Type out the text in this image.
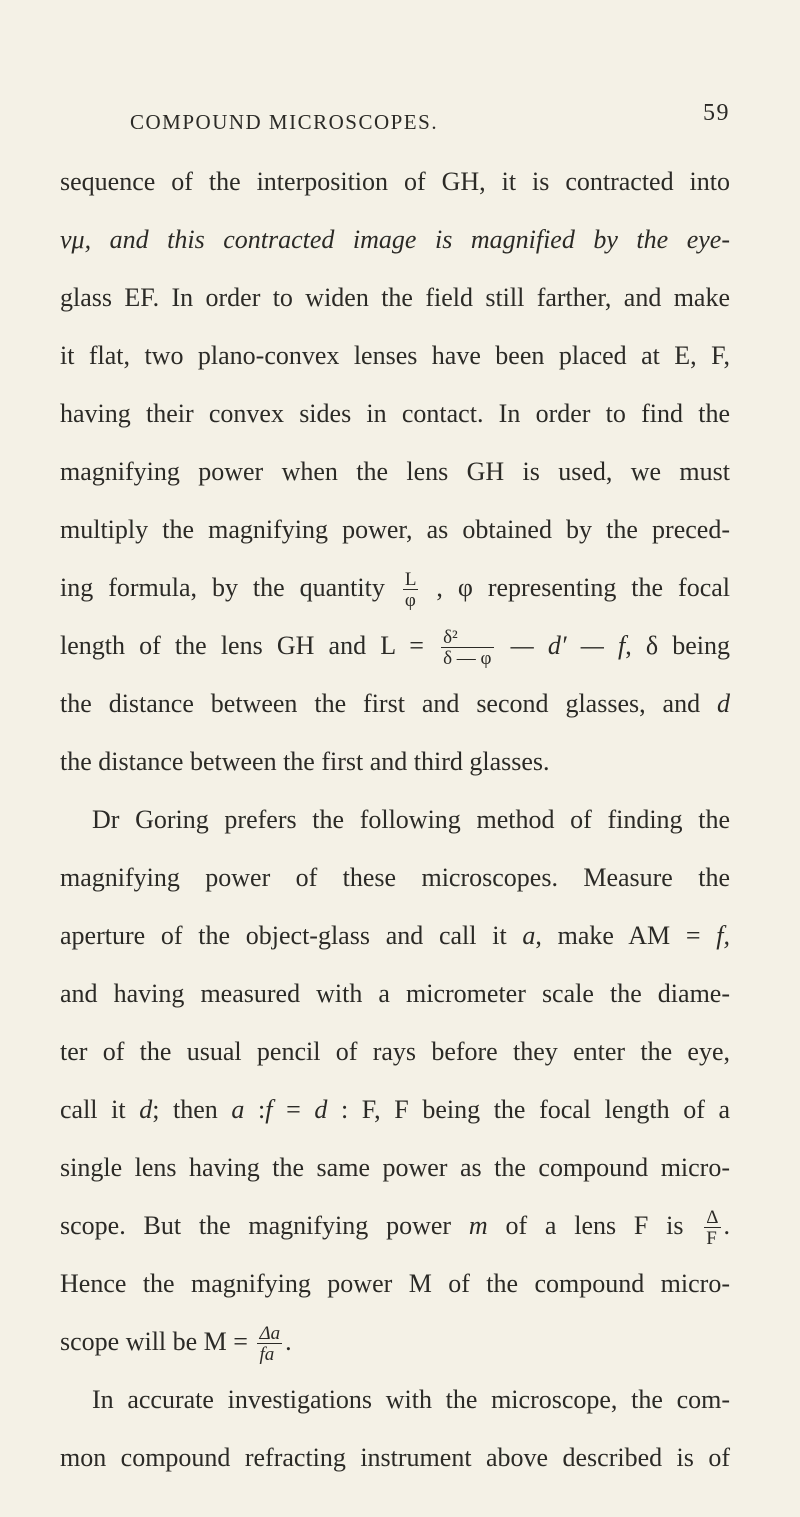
COMPOUND MICROSCOPES.	59
sequence of the interposition of GH, it is contracted into
νμ, and this contracted image is magnified by the eye-
glass EF. In order to widen the field still farther, and make
it flat, two plano-convex lenses have been placed at E, F,
having their convex sides in contact. In order to find the
magnifying power when the lens GH is used, we must
multiply the magnifying power, as obtained by the preced-
ing formula, by the quantity $\frac{L}{\varphi}$ , φ representing the focal
length of the lens GH and $L = \frac{\text{δ²}}{\delta — \varphi}$ — d′ — f, δ being
the distance between the first and second glasses, and d
the distance between the first and third glasses.
Dr Goring prefers the following method of finding the
magnifying power of these microscopes. Measure the
aperture of the object-glass and call it a, make AM = f,
and having measured with a micrometer scale the diame-
ter of the usual pencil of rays before they enter the eye,
call it d; then a :f = d : F, F being the focal length of a
single lens having the same power as the compound micro-
scope. But the magnifying power m of a lens F is $\frac{\Delta}{F}$ .
Hence the magnifying power M of the compound micro-
scope will be $M = \frac{\Delta a}{fa}$ .
In accurate investigations with the microscope, the com-
mon compound refracting instrument above described is of
